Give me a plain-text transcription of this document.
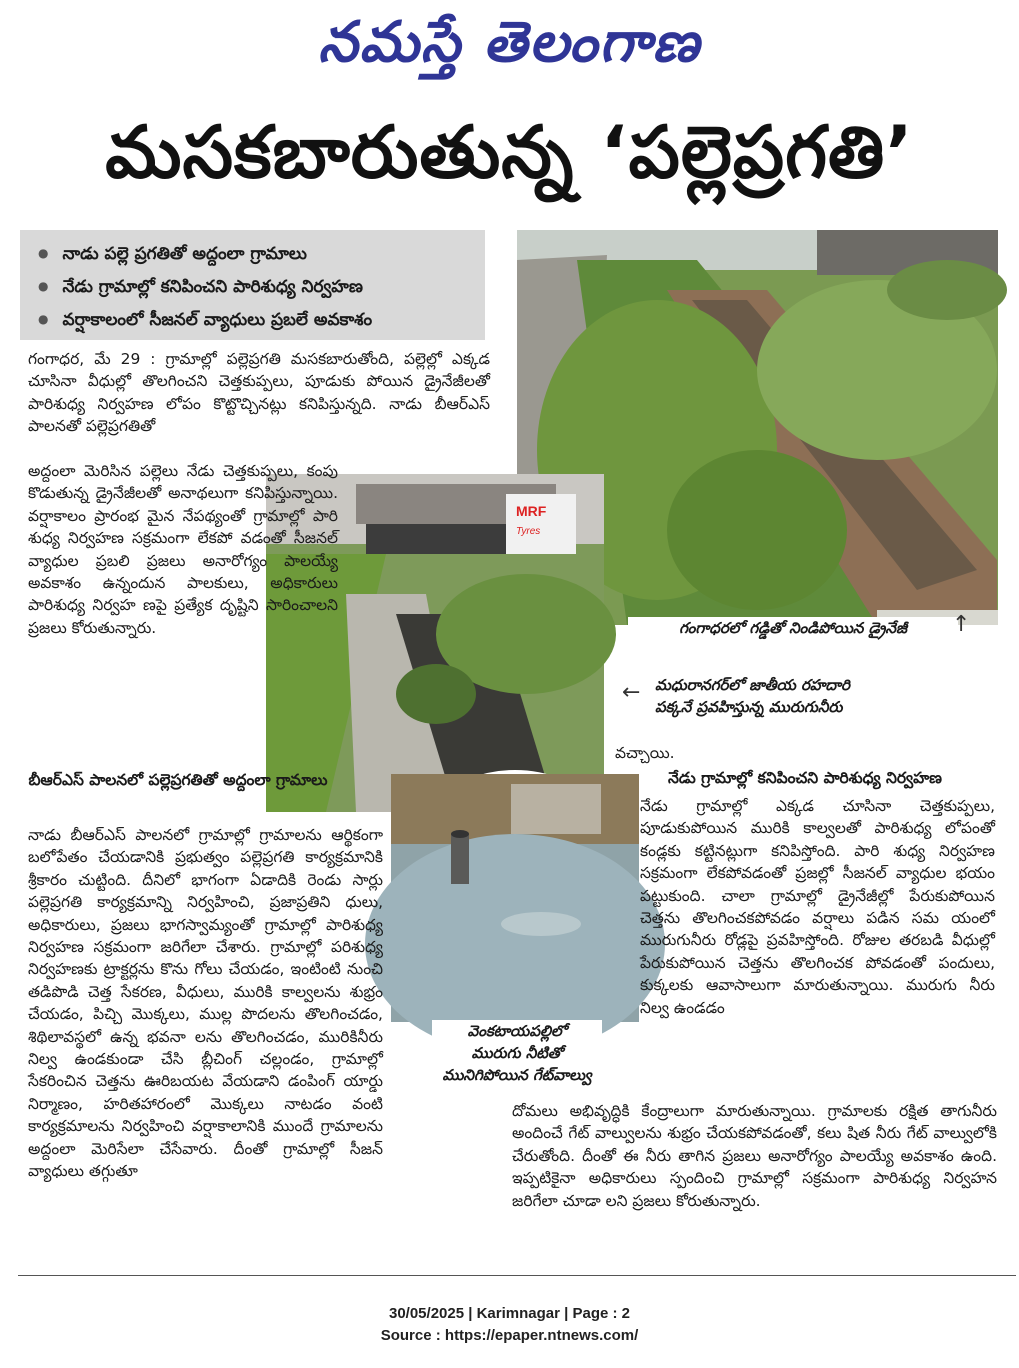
నమస్తే తెలంగాణ
మసకబారుతున్న ‘పల్లెప్రగతి’
● నాడు పల్లె ప్రగతితో అద్దంలా గ్రామాలు
● నేడు గ్రామాల్లో కనిపించని పారిశుధ్య నిర్వహణ
● వర్షాకాలంలో సీజనల్ వ్యాధులు ప్రబలే అవకాశం
గంగాధరలో గడ్డితో నిండిపోయిన డ్రైనేజీ	↑
MRF
Tyres
మధురానగర్‌లో జాతీయ రహదారి
పక్కనే ప్రవహిస్తున్న మురుగునీరు
←
వెంకటాయపల్లిలో
మురుగు నీటితో
మునిగిపోయిన గేట్‌వాల్వు

గంగాధర, మే 29 : గ్రామాల్లో పల్లెప్రగతి మసకబారుతోంది, పల్లెల్లో ఎక్కడ చూసినా వీధుల్లో తొలగించని చెత్తకుప్పలు, పూడుకు పోయిన డ్రైనేజీలతో పారిశుధ్య నిర్వహణ లోపం కొట్టొచ్చినట్లు కనిపిస్తున్నది. నాడు బీఆర్ఎస్ పాలనతో పల్లెప్రగతితో

అద్దంలా మెరిసిన పల్లెలు నేడు చెత్తకుప్పలు, కంపు కొడుతున్న డ్రైనేజీలతో అనాథలుగా కనిపిస్తున్నాయి. వర్షాకాలం ప్రారంభ మైన నేపథ్యంతో గ్రామాల్లో పారి శుధ్య నిర్వహణ సక్రమంగా లేకపో వడంతో సీజనల్ వ్యాధుల ప్రబలి ప్రజలు అనారోగ్యం పాలయ్యే అవకాశం ఉన్నందున పాలకులు, అధికారులు పారిశుధ్య నిర్వహ ణపై ప్రత్యేక దృష్టిని సారించాలని ప్రజలు కోరుతున్నారు.

బీఆర్ఎస్ పాలనలో పల్లెప్రగతితో అద్దంలా గ్రామాలు

నాడు బీఆర్ఎస్ పాలనలో గ్రామాల్లో గ్రామాలను ఆర్థికంగా బలోపేతం చేయడానికి ప్రభుత్వం పల్లెప్రగతి కార్యక్రమానికి శ్రీకారం చుట్టింది. దీనిలో భాగంగా ఏడాదికి రెండు సార్లు పల్లెప్రగతి కార్యక్రమాన్ని నిర్వహించి, ప్రజాప్రతిని ధులు, అధికారులు, ప్రజలు భాగస్వామ్యంతో గ్రామాల్లో పారిశుధ్య నిర్వహణ సక్రమంగా జరిగేలా చేశారు. గ్రామాల్లో పరిశుధ్య నిర్వహణకు ట్రాక్టర్లను కొను గోలు చేయడం, ఇంటింటి నుంచి తడిపొడి చెత్త సేకరణ, వీధులు, మురికి కాల్వలను శుభ్రం చేయడం, పిచ్చి మొక్కలు, ముల్ల పొదలను తొలగించడం, శిథిలావస్థలో ఉన్న భవనా లను తొలగించడం, మురికినీరు నిల్వ ఉండకుండా చేసి బ్లీచింగ్ చల్లండం, గ్రామాల్లో సేకరించిన చెత్తను ఊరిబయట వేయడాని డంపింగ్ యార్డు నిర్మాణం, హరితహారంలో మొక్కలు నాటడం వంటి కార్యక్రమాలను నిర్వహించి వర్షాకాలానికి ముందే గ్రామాలను అద్దంలా మెరిసేలా చేసేవారు. దీంతో గ్రామాల్లో సీజన్ వ్యాధులు తగ్గుతూ

వచ్చాయి.

నేడు గ్రామాల్లో కనిపించని పారిశుధ్య నిర్వహణ

నేడు గ్రామాల్లో ఎక్కడ చూసినా చెత్తకుప్పలు, పూడుకుపోయిన మురికి కాల్వలతో పారిశుధ్య లోపంతో కండ్లకు కట్టినట్లుగా కనిపిస్తోంది. పారి శుధ్య నిర్వహణ సక్రమంగా లేకపోవడంతో ప్రజల్లో సీజనల్ వ్యాధుల భయం పట్టుకుంది. చాలా గ్రామాల్లో డ్రైనేజీల్లో పేరుకుపోయిన చెత్తను తొలగించకపోవడం వర్షాలు పడిన సమ యంలో మురుగునీరు రోడ్లపై ప్రవహిస్తోంది. రోజుల తరబడి వీధుల్లో పేరుకుపోయిన చెత్తను తొలగించక పోవడంతో పందులు, కుక్కలకు ఆవాసాలుగా మారుతున్నాయి. మురుగు నీరు నిల్వ ఉండడం

దోమలు అభివృద్ధికి కేంద్రాలుగా మారుతున్నాయి. గ్రామాలకు రక్షిత తాగునీరు అందించే గేట్ వాల్వులను శుభ్రం చేయకపోవడంతో, కలు షిత నీరు గేట్ వాల్వులోకి చేరుతోంది. దీంతో ఈ నీరు తాగిన ప్రజలు అనారోగ్యం పాలయ్యే అవకాశం ఉంది. ఇప్పటికైనా అధికారులు స్పందించి గ్రామాల్లో సక్రమంగా పారిశుధ్య నిర్వహన జరిగేలా చూడా లని ప్రజలు కోరుతున్నారు.

30/05/2025 | Karimnagar | Page : 2
Source : https://epaper.ntnews.com/
